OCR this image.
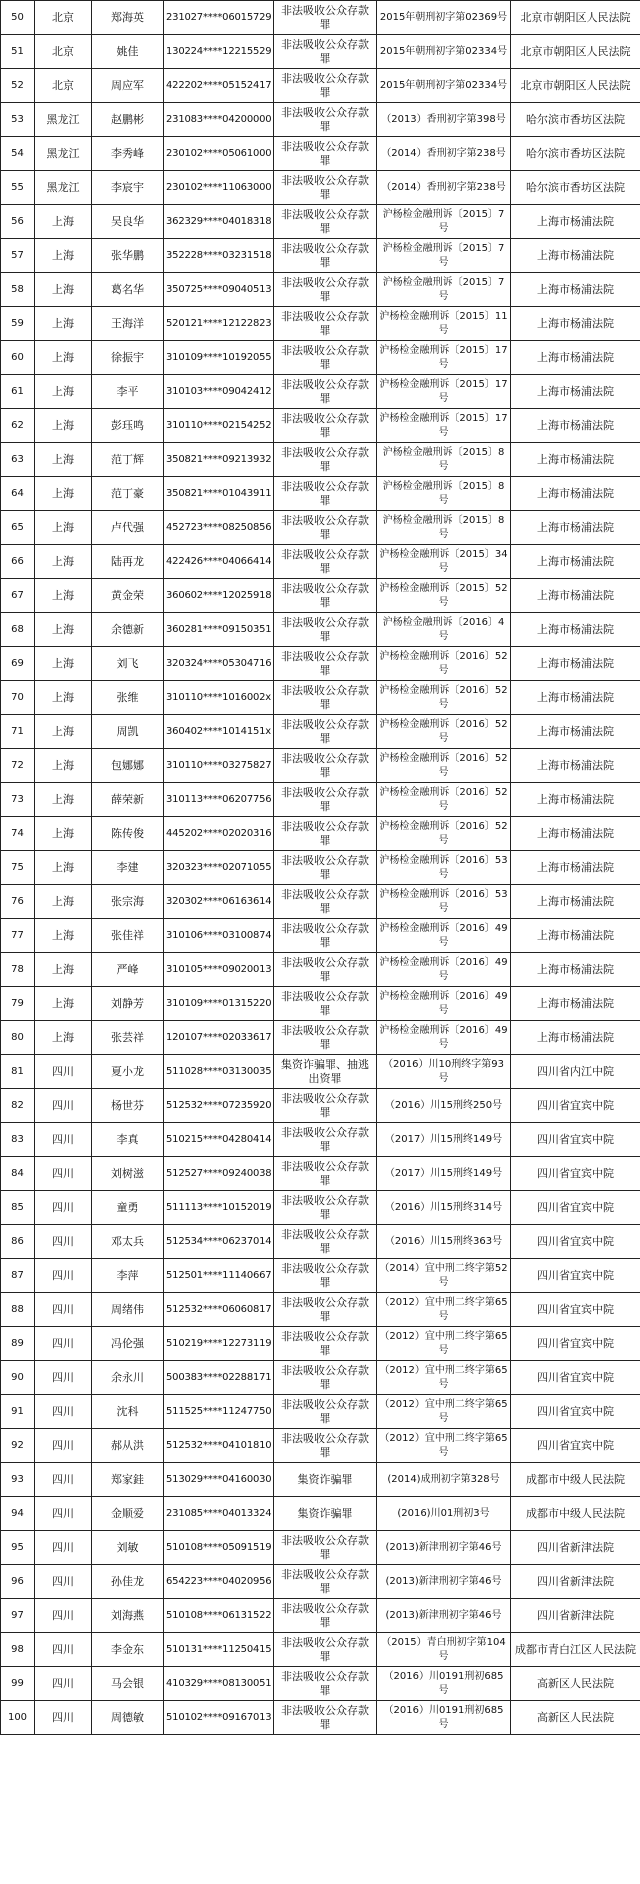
50	北京	郑海英	231027****06015729	非法吸收公众存款罪	2015年朝刑初字第02369号	北京市朝阳区人民法院
51	北京	姚佳	130224****12215529	非法吸收公众存款罪	2015年朝刑初字第02334号	北京市朝阳区人民法院
52	北京	周应军	422202****05152417	非法吸收公众存款罪	2015年朝刑初字第02334号	北京市朝阳区人民法院
53	黑龙江	赵鹏彬	231083****04200000	非法吸收公众存款罪	（2013）香刑初字第398号	哈尔滨市香坊区法院
54	黑龙江	李秀峰	230102****05061000	非法吸收公众存款罪	（2014）香刑初字第238号	哈尔滨市香坊区法院
55	黑龙江	李宸宇	230102****11063000	非法吸收公众存款罪	（2014）香刑初字第238号	哈尔滨市香坊区法院
56	上海	吴良华	362329****04018318	非法吸收公众存款罪	沪杨检金融刑诉〔2015〕7号	上海市杨浦法院
57	上海	张华鹏	352228****03231518	非法吸收公众存款罪	沪杨检金融刑诉〔2015〕7号	上海市杨浦法院
58	上海	葛名华	350725****09040513	非法吸收公众存款罪	沪杨检金融刑诉〔2015〕7号	上海市杨浦法院
59	上海	王海洋	520121****12122823	非法吸收公众存款罪	沪杨检金融刑诉〔2015〕11号	上海市杨浦法院
60	上海	徐振宇	310109****10192055	非法吸收公众存款罪	沪杨检金融刑诉〔2015〕17号	上海市杨浦法院
61	上海	李平	310103****09042412	非法吸收公众存款罪	沪杨检金融刑诉〔2015〕17号	上海市杨浦法院
62	上海	彭珏鸣	310110****02154252	非法吸收公众存款罪	沪杨检金融刑诉〔2015〕17号	上海市杨浦法院
63	上海	范丁辉	350821****09213932	非法吸收公众存款罪	沪杨检金融刑诉〔2015〕8号	上海市杨浦法院
64	上海	范丁豪	350821****01043911	非法吸收公众存款罪	沪杨检金融刑诉〔2015〕8号	上海市杨浦法院
65	上海	卢代强	452723****08250856	非法吸收公众存款罪	沪杨检金融刑诉〔2015〕8号	上海市杨浦法院
66	上海	陆再龙	422426****04066414	非法吸收公众存款罪	沪杨检金融刑诉〔2015〕34号	上海市杨浦法院
67	上海	黄金荣	360602****12025918	非法吸收公众存款罪	沪杨检金融刑诉〔2015〕52号	上海市杨浦法院
68	上海	余德新	360281****09150351	非法吸收公众存款罪	沪杨检金融刑诉〔2016〕4号	上海市杨浦法院
69	上海	刘飞	320324****05304716	非法吸收公众存款罪	沪杨检金融刑诉〔2016〕52号	上海市杨浦法院
70	上海	张维	310110****1016002x	非法吸收公众存款罪	沪杨检金融刑诉〔2016〕52号	上海市杨浦法院
71	上海	周凯	360402****1014151x	非法吸收公众存款罪	沪杨检金融刑诉〔2016〕52号	上海市杨浦法院
72	上海	包娜娜	310110****03275827	非法吸收公众存款罪	沪杨检金融刑诉〔2016〕52号	上海市杨浦法院
73	上海	薛荣新	310113****06207756	非法吸收公众存款罪	沪杨检金融刑诉〔2016〕52号	上海市杨浦法院
74	上海	陈传俊	445202****02020316	非法吸收公众存款罪	沪杨检金融刑诉〔2016〕52号	上海市杨浦法院
75	上海	李建	320323****02071055	非法吸收公众存款罪	沪杨检金融刑诉〔2016〕53号	上海市杨浦法院
76	上海	张宗海	320302****06163614	非法吸收公众存款罪	沪杨检金融刑诉〔2016〕53号	上海市杨浦法院
77	上海	张佳祥	310106****03100874	非法吸收公众存款罪	沪杨检金融刑诉〔2016〕49号	上海市杨浦法院
78	上海	严峰	310105****09020013	非法吸收公众存款罪	沪杨检金融刑诉〔2016〕49号	上海市杨浦法院
79	上海	刘静芳	310109****01315220	非法吸收公众存款罪	沪杨检金融刑诉〔2016〕49号	上海市杨浦法院
80	上海	张芸祥	120107****02033617	非法吸收公众存款罪	沪杨检金融刑诉〔2016〕49号	上海市杨浦法院
81	四川	夏小龙	511028****03130035	集资诈骗罪、抽逃出资罪	（2016）川10刑终字第93号	四川省内江中院
82	四川	杨世芬	512532****07235920	非法吸收公众存款罪	（2016）川15刑终250号	四川省宜宾中院
83	四川	李真	510215****04280414	非法吸收公众存款罪	（2017）川15刑终149号	四川省宜宾中院
84	四川	刘树滋	512527****09240038	非法吸收公众存款罪	（2017）川15刑终149号	四川省宜宾中院
85	四川	童勇	511113****10152019	非法吸收公众存款罪	（2016）川15刑终314号	四川省宜宾中院
86	四川	邓太兵	512534****06237014	非法吸收公众存款罪	（2016）川15刑终363号	四川省宜宾中院
87	四川	李萍	512501****11140667	非法吸收公众存款罪	（2014）宜中刑二终字第52号	四川省宜宾中院
88	四川	周绪伟	512532****06060817	非法吸收公众存款罪	（2012）宜中刑二终字第65号	四川省宜宾中院
89	四川	冯伦强	510219****12273119	非法吸收公众存款罪	（2012）宜中刑二终字第65号	四川省宜宾中院
90	四川	余永川	500383****02288171	非法吸收公众存款罪	（2012）宜中刑二终字第65号	四川省宜宾中院
91	四川	沈科	511525****11247750	非法吸收公众存款罪	（2012）宜中刑二终字第65号	四川省宜宾中院
92	四川	郝从洪	512532****04101810	非法吸收公众存款罪	（2012）宜中刑二终字第65号	四川省宜宾中院
93	四川	郑家銈	513029****04160030	集资诈骗罪	(2014)成刑初字第328号	成都市中级人民法院
94	四川	金顺爱	231085****04013324	集资诈骗罪	(2016)川01刑初3号	成都市中级人民法院
95	四川	刘敏	510108****05091519	非法吸收公众存款罪	(2013)新津刑初字第46号	四川省新津法院
96	四川	孙佳龙	654223****04020956	非法吸收公众存款罪	(2013)新津刑初字第46号	四川省新津法院
97	四川	刘海燕	510108****06131522	非法吸收公众存款罪	(2013)新津刑初字第46号	四川省新津法院
98	四川	李金东	510131****11250415	非法吸收公众存款罪	（2015）青白刑初字第104号	成都市青白江区人民法院
99	四川	马会银	410329****08130051	非法吸收公众存款罪	（2016）川0191刑初685号	高新区人民法院
100	四川	周德敏	510102****09167013	非法吸收公众存款罪	（2016）川0191刑初685号	高新区人民法院
